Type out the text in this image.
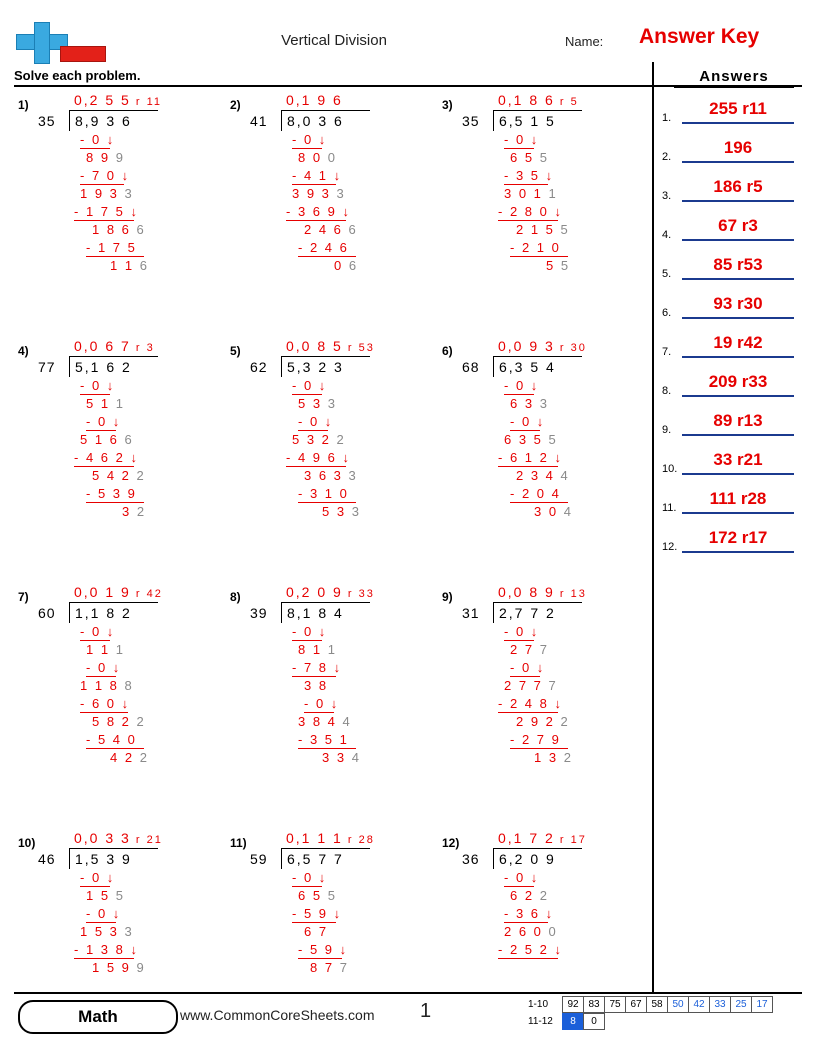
Vertical Division	Name: Answer Key
Solve each problem.
1)	0,2 5 5 r 11
35 8,9 3 6
- 0 ↓
8 9 9
- 7 0 ↓
1 9 3 3
- 1 7 5 ↓
1 8 6 6
- 1 7 5
1 1 6
2)	0,1 9 6
41 8,0 3 6
- 0 ↓
8 0 0
- 4 1 ↓
3 9 3 3
- 3 6 9 ↓
2 4 6 6
- 2 4 6
0 6
3)	0,1 8 6 r 5
35 6,5 1 5
- 0 ↓
6 5 5
- 3 5 ↓
3 0 1 1
- 2 8 0 ↓
2 1 5 5
- 2 1 0
5 5
4)	0,0 6 7 r 3
77 5,1 6 2
- 0 ↓
5 1 1
- 0 ↓
5 1 6 6
- 4 6 2 ↓
5 4 2 2
- 5 3 9
3 2
5)	0,0 8 5 r 53
62 5,3 2 3
- 0 ↓
5 3 3
- 0 ↓
5 3 2 2
- 4 9 6 ↓
3 6 3 3
- 3 1 0
5 3 3
6)	0,0 9 3 r 30
68 6,3 5 4
- 0 ↓
6 3 3
- 0 ↓
6 3 5 5
- 6 1 2 ↓
2 3 4 4
- 2 0 4
3 0 4
7)	0,0 1 9 r 42
60 1,1 8 2
- 0 ↓
1 1 1
- 0 ↓
1 1 8 8
- 6 0 ↓
5 8 2 2
- 5 4 0
4 2 2
8)	0,2 0 9 r 33
39 8,1 8 4
- 0 ↓
8 1 1
- 7 8 ↓
3 8
- 0 ↓
3 8 4 4
- 3 5 1
3 3 4
9)	0,0 8 9 r 13
31 2,7 7 2
- 0 ↓
2 7 7
- 0 ↓
2 7 7 7
- 2 4 8 ↓
2 9 2 2
- 2 7 9
1 3 2
10)	0,0 3 3 r 21
46 1,5 3 9
- 0 ↓
1 5 5
- 0 ↓
1 5 3 3
- 1 3 8 ↓
1 5 9 9
11)	0,1 1 1 r 28
59 6,5 7 7
- 0 ↓
6 5 5
- 5 9 ↓
6 7
- 5 9 ↓
8 7 7
12)	0,1 7 2 r 17
36 6,2 0 9
- 0 ↓
6 2 2
- 3 6 ↓
2 6 0 0
- 2 5 2 ↓
Answers
1.	255 r11
2.	196
3.	186 r5
4.	67 r3
5.	85 r53
6.	93 r30
7.	19 r42
8.	209 r33
9.	89 r13
10.	33 r21
11.	111 r28
12.	172 r17
Math	www.CommonCoreSheets.com 1	1-10	92 83 75 67 58 50 42 33 25 17
11-12	8	0
